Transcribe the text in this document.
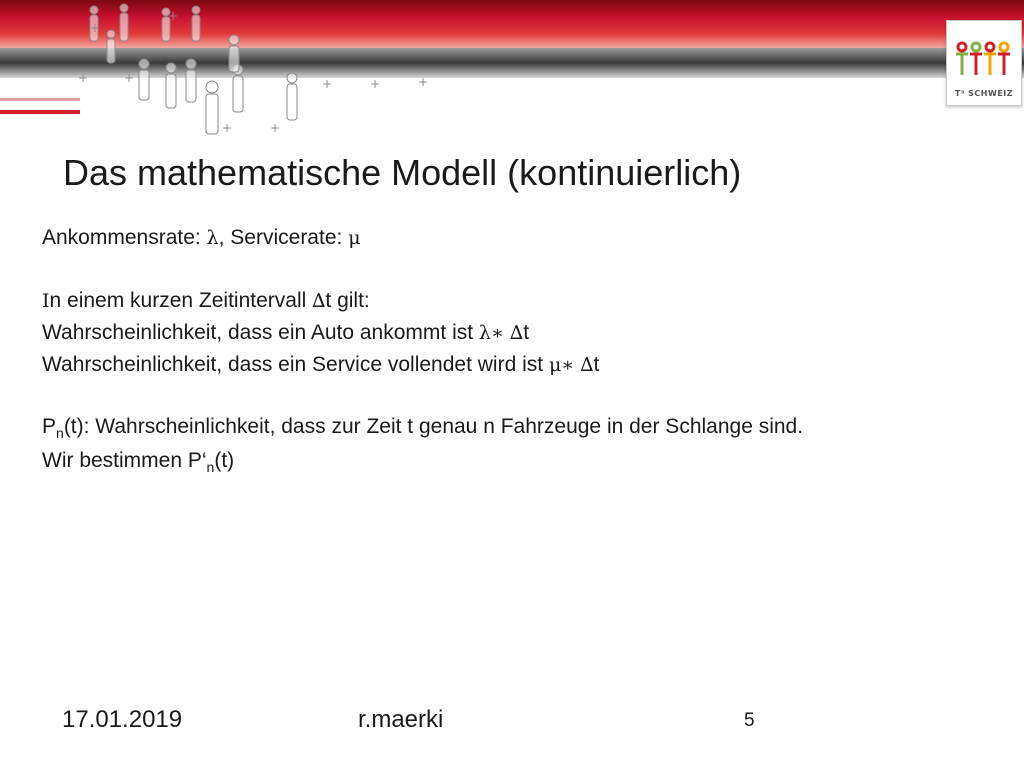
+	+
+
+	+	+
+	+
+
T³ SCHWEIZ
Das mathematische Modell (kontinuierlich)

Ankommensrate: λ, Servicerate: μ

In einem kurzen Zeitintervall ∆t gilt:

Wahrscheinlichkeit, dass ein Auto ankommt ist λ∗ ∆t

Wahrscheinlichkeit, dass ein Service vollendet wird ist μ∗ ∆t

$P_n(t)$: Wahrscheinlichkeit, dass zur Zeit t genau n Fahrzeuge in der Schlange sind.

Wir bestimmen $P‘_n(t)$

17.01.2019	r.maerki	5
